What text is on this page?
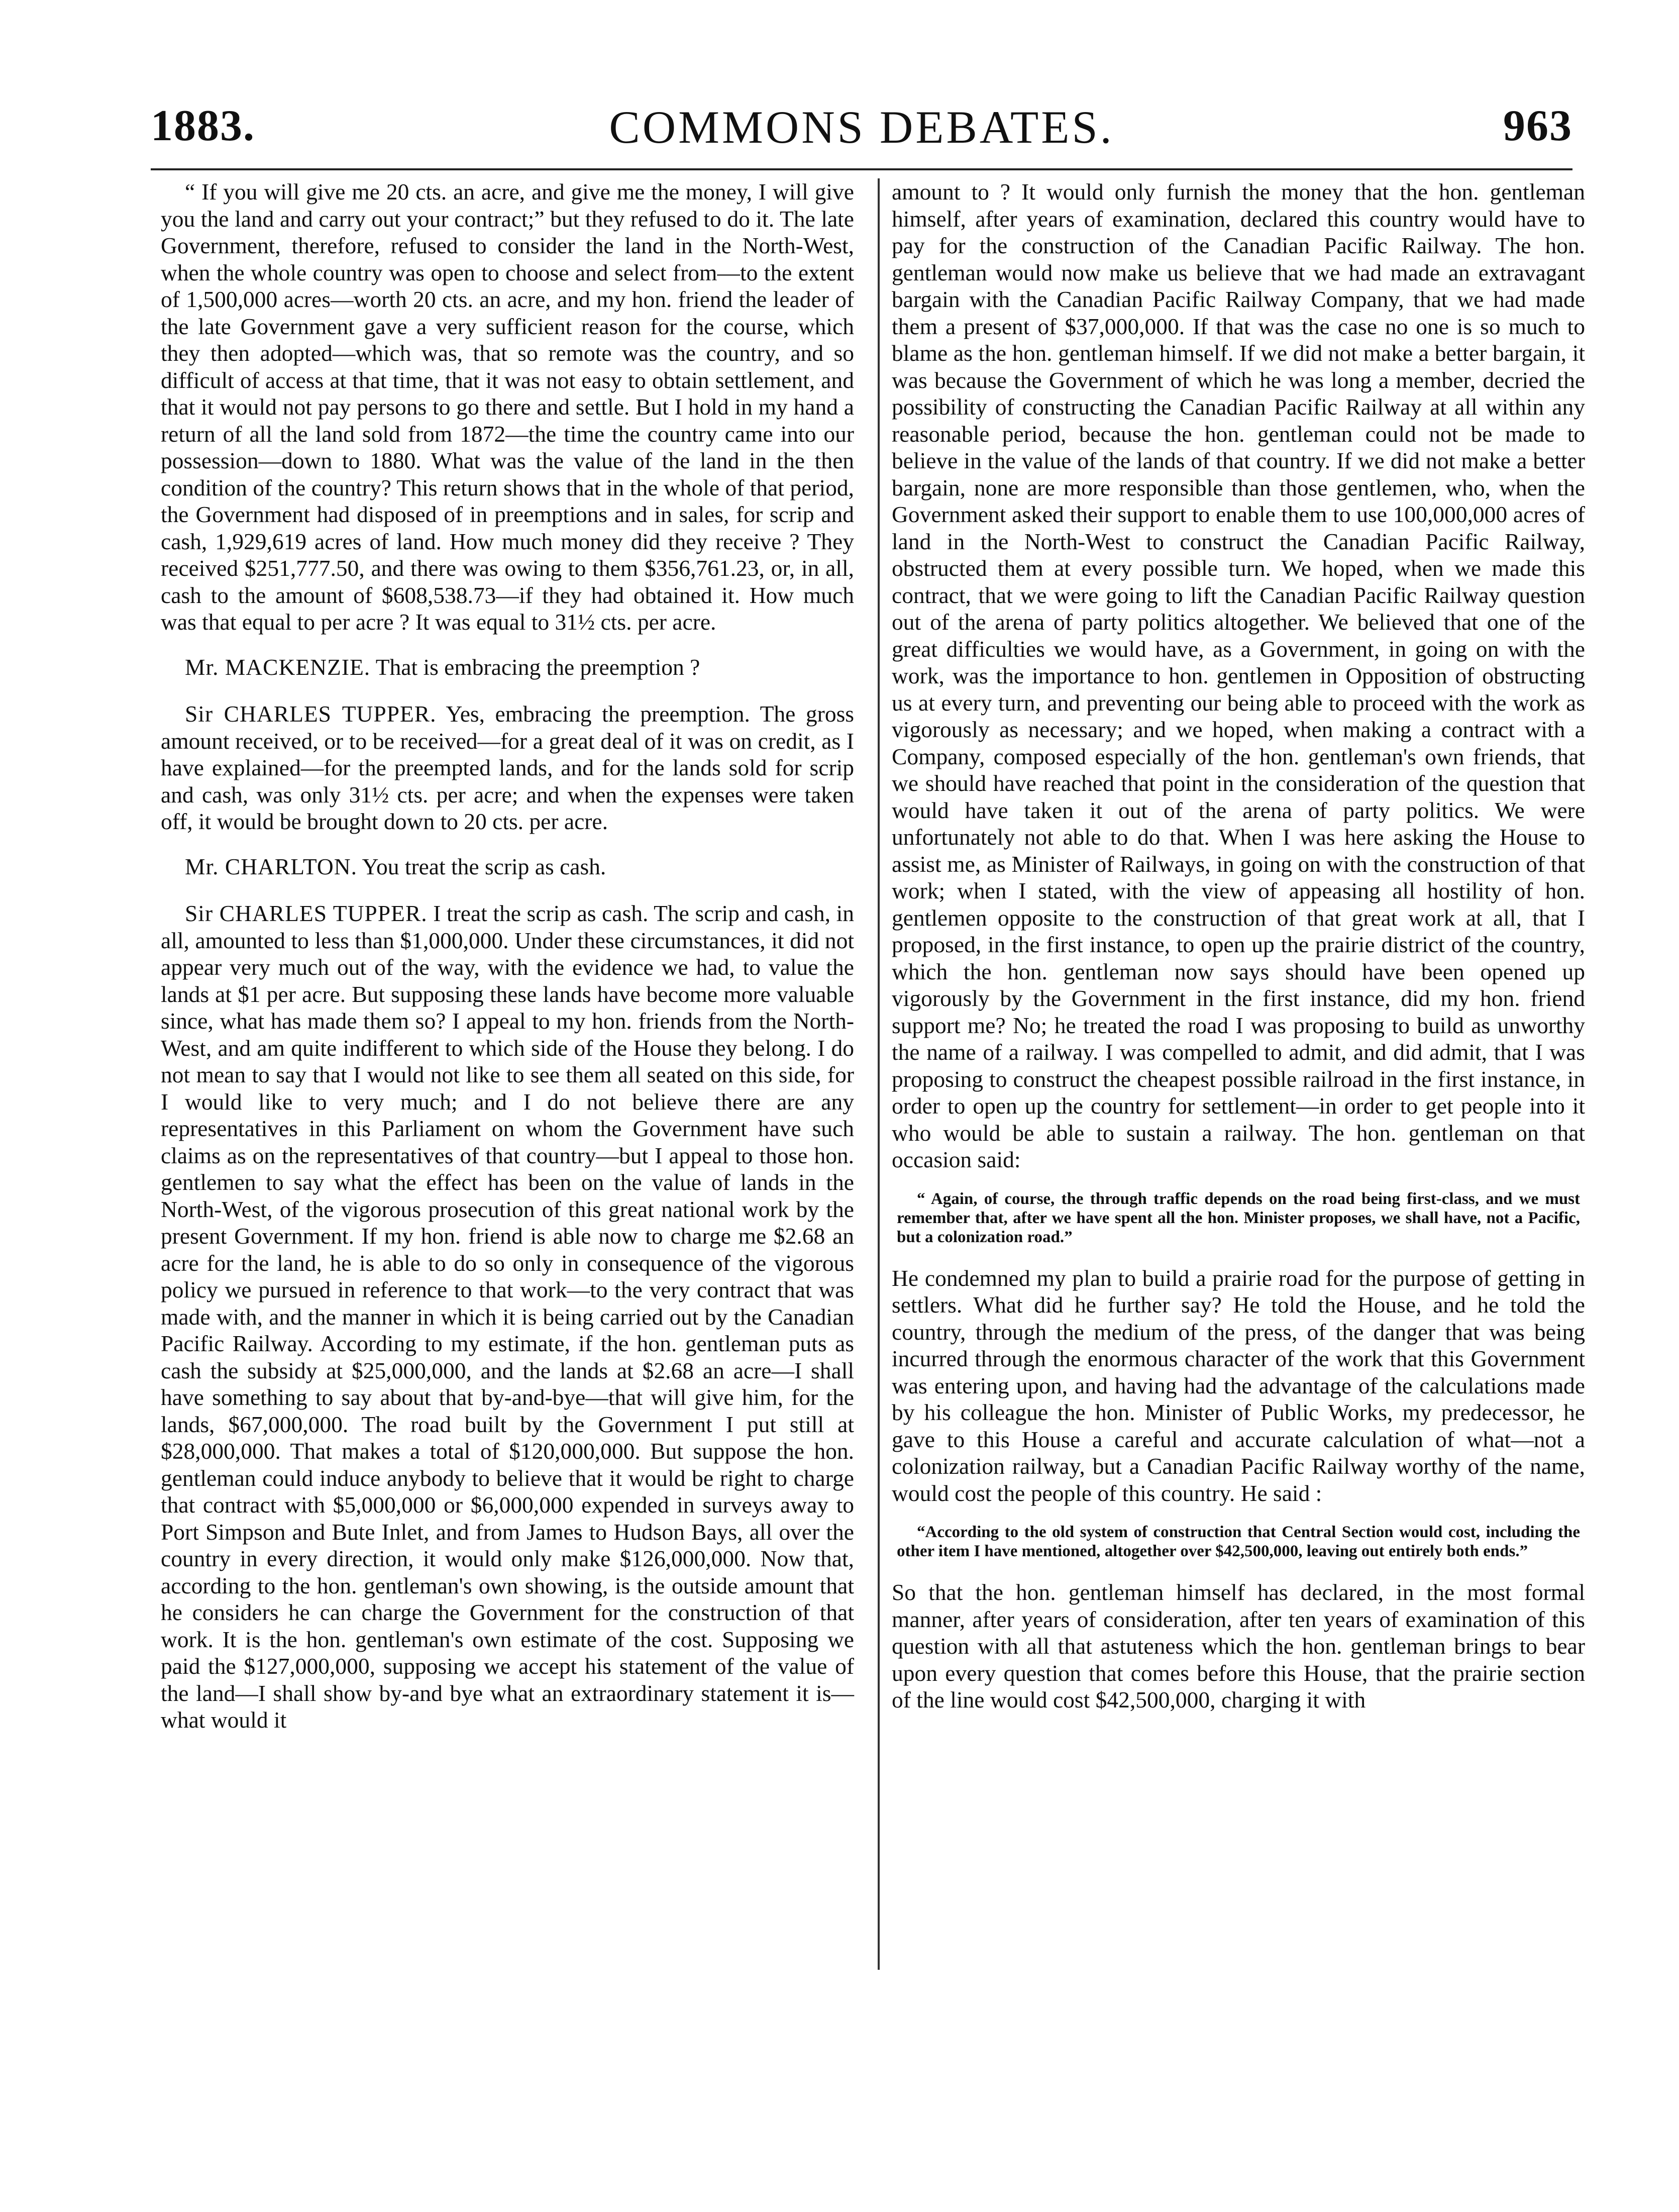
1883.	COMMONS DEBATES.	963

“ If you will give me 20 cts. an acre, and give me the money, I will give you the land and carry out your contract;” but they refused to do it. The late Government, therefore, refused to consider the land in the North-West, when the whole country was open to choose and select from—to the extent of 1,500,000 acres—worth 20 cts. an acre, and my hon. friend the leader of the late Government gave a very sufficient reason for the course, which they then adopted—which was, that so remote was the country, and so difficult of access at that time, that it was not easy to obtain settlement, and that it would not pay persons to go there and settle. But I hold in my hand a return of all the land sold from 1872—the time the country came into our possession—down to 1880. What was the value of the land in the then condition of the country? This return shows that in the whole of that period, the Government had disposed of in preemptions and in sales, for scrip and cash, 1,929,619 acres of land. How much money did they receive ? They received $251,777.50, and there was owing to them $356,761.23, or, in all, cash to the amount of $608,538.73—if they had obtained it. How much was that equal to per acre ? It was equal to 31½ cts. per acre.

Mr. MACKENZIE. That is embracing the preemption ?

Sir CHARLES TUPPER. Yes, embracing the preemption. The gross amount received, or to be received—for a great deal of it was on credit, as I have explained—for the preempted lands, and for the lands sold for scrip and cash, was only 31½ cts. per acre; and when the expenses were taken off, it would be brought down to 20 cts. per acre.

Mr. CHARLTON. You treat the scrip as cash.

Sir CHARLES TUPPER. I treat the scrip as cash. The scrip and cash, in all, amounted to less than $1,000,000. Under these circumstances, it did not appear very much out of the way, with the evidence we had, to value the lands at $1 per acre. But supposing these lands have become more valuable since, what has made them so? I appeal to my hon. friends from the North-West, and am quite indifferent to which side of the House they belong. I do not mean to say that I would not like to see them all seated on this side, for I would like to very much; and I do not believe there are any representatives in this Parliament on whom the Government have such claims as on the representatives of that country—but I appeal to those hon. gentlemen to say what the effect has been on the value of lands in the North-West, of the vigorous prosecution of this great national work by the present Government. If my hon. friend is able now to charge me $2.68 an acre for the land, he is able to do so only in consequence of the vigorous policy we pursued in reference to that work—to the very contract that was made with, and the manner in which it is being carried out by the Canadian Pacific Railway. According to my estimate, if the hon. gentleman puts as cash the subsidy at $25,000,000, and the lands at $2.68 an acre—I shall have something to say about that by-and-bye—that will give him, for the lands, $67,000,000. The road built by the Government I put still at $28,000,000. That makes a total of $120,000,000. But suppose the hon. gentleman could induce anybody to believe that it would be right to charge that contract with $5,000,000 or $6,000,000 expended in surveys away to Port Simpson and Bute Inlet, and from James to Hudson Bays, all over the country in every direction, it would only make $126,000,000. Now that, according to the hon. gentleman's own showing, is the outside amount that he considers he can charge the Government for the construction of that work. It is the hon. gentleman's own estimate of the cost. Supposing we paid the $127,000,000, supposing we accept his statement of the value of the land—I shall show by-and bye what an extraordinary statement it is—what would it

amount to ? It would only furnish the money that the hon. gentleman himself, after years of examination, declared this country would have to pay for the construction of the Canadian Pacific Railway. The hon. gentleman would now make us believe that we had made an extravagant bargain with the Canadian Pacific Railway Company, that we had made them a present of $37,000,000. If that was the case no one is so much to blame as the hon. gentleman himself. If we did not make a better bargain, it was because the Government of which he was long a member, decried the possibility of constructing the Canadian Pacific Railway at all within any reasonable period, because the hon. gentleman could not be made to believe in the value of the lands of that country. If we did not make a better bargain, none are more responsible than those gentlemen, who, when the Government asked their support to enable them to use 100,000,000 acres of land in the North-West to construct the Canadian Pacific Railway, obstructed them at every possible turn. We hoped, when we made this contract, that we were going to lift the Canadian Pacific Railway question out of the arena of party politics altogether. We believed that one of the great difficulties we would have, as a Government, in going on with the work, was the importance to hon. gentlemen in Opposition of obstructing us at every turn, and preventing our being able to proceed with the work as vigorously as necessary; and we hoped, when making a contract with a Company, composed especially of the hon. gentleman's own friends, that we should have reached that point in the consideration of the question that would have taken it out of the arena of party politics. We were unfortunately not able to do that. When I was here asking the House to assist me, as Minister of Railways, in going on with the construction of that work; when I stated, with the view of appeasing all hostility of hon. gentlemen opposite to the construction of that great work at all, that I proposed, in the first instance, to open up the prairie district of the country, which the hon. gentleman now says should have been opened up vigorously by the Government in the first instance, did my hon. friend support me? No; he treated the road I was proposing to build as unworthy the name of a railway. I was compelled to admit, and did admit, that I was proposing to construct the cheapest possible railroad in the first instance, in order to open up the country for settlement—in order to get people into it who would be able to sustain a railway. The hon. gentleman on that occasion said:

“ Again, of course, the through traffic depends on the road being first-class, and we must remember that, after we have spent all the hon. Minister proposes, we shall have, not a Pacific, but a colonization road.”

He condemned my plan to build a prairie road for the purpose of getting in settlers. What did he further say? He told the House, and he told the country, through the medium of the press, of the danger that was being incurred through the enormous character of the work that this Government was entering upon, and having had the advantage of the calculations made by his colleague the hon. Minister of Public Works, my predecessor, he gave to this House a careful and accurate calculation of what—not a colonization railway, but a Canadian Pacific Railway worthy of the name, would cost the people of this country. He said :

“According to the old system of construction that Central Section would cost, including the other item I have mentioned, altogether over $42,500,000, leaving out entirely both ends.”

So that the hon. gentleman himself has declared, in the most formal manner, after years of consideration, after ten years of examination of this question with all that astuteness which the hon. gentleman brings to bear upon every question that comes before this House, that the prairie section of the line would cost $42,500,000, charging it with
